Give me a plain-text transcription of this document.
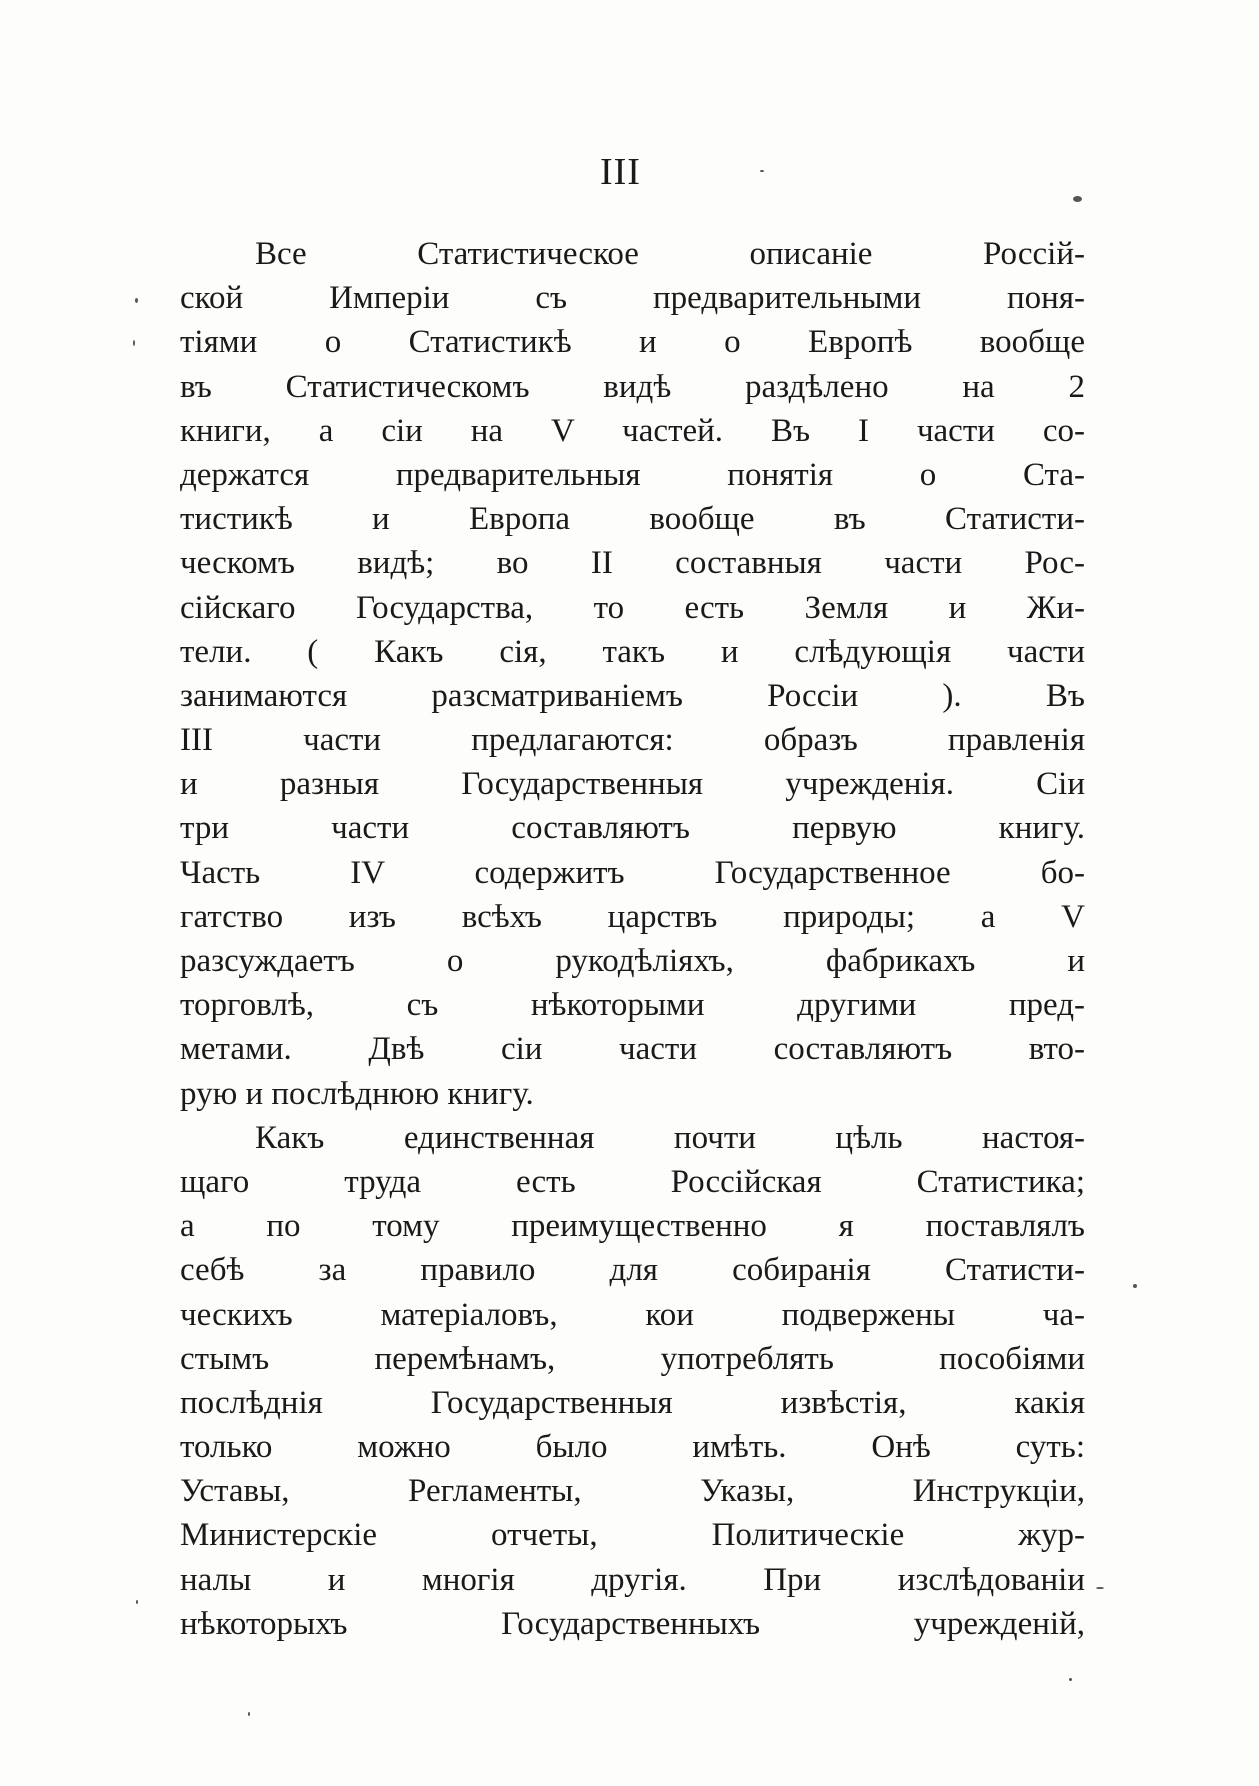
III
Все Статистическое описаніе Россій-
ской Имперіи съ предварительными поня-
тіями о Статистикѣ и о Европѣ вообще
въ Статистическомъ видѣ раздѣлено на 2
книги, а сіи на V частей. Въ I части со-
держатся предварительныя понятія о Ста-
тистикѣ и Европа вообще въ Статисти-
ческомъ видѣ; во II составныя части Рос-
сійскаго Государства, то есть Земля и Жи-
тели. ( Какъ сія, такъ и слѣдующія части
занимаются разсматриваніемъ Россіи ). Въ
III части предлагаются: образъ правленія
и разныя Государственныя учрежденія. Сіи
три части составляютъ первую книгу.
Часть IV содержитъ Государственное бо-
гатство изъ всѣхъ царствъ природы; а V
разсуждаетъ о рукодѣліяхъ, фабрикахъ и
торговлѣ, съ нѣкоторыми другими пред-
метами. Двѣ сіи части составляютъ вто-
рую и послѣднюю книгу.
Какъ единственная почти цѣль настоя-
щаго труда есть Россійская Статистика;
а по тому преимущественно я поставлялъ
себѣ за правило для собиранія Статисти-
ческихъ матеріаловъ, кои подвержены ча-
стымъ перемѣнамъ, употреблять пособіями
послѣднія Государственныя извѣстія, какія
только можно было имѣть. Онѣ суть:
Уставы, Регламенты, Указы, Инструкціи,
Министерскіе отчеты, Политическіе жур-
налы и многія другія. При изслѣдованіи
нѣкоторыхъ Государственныхъ учрежденій,
